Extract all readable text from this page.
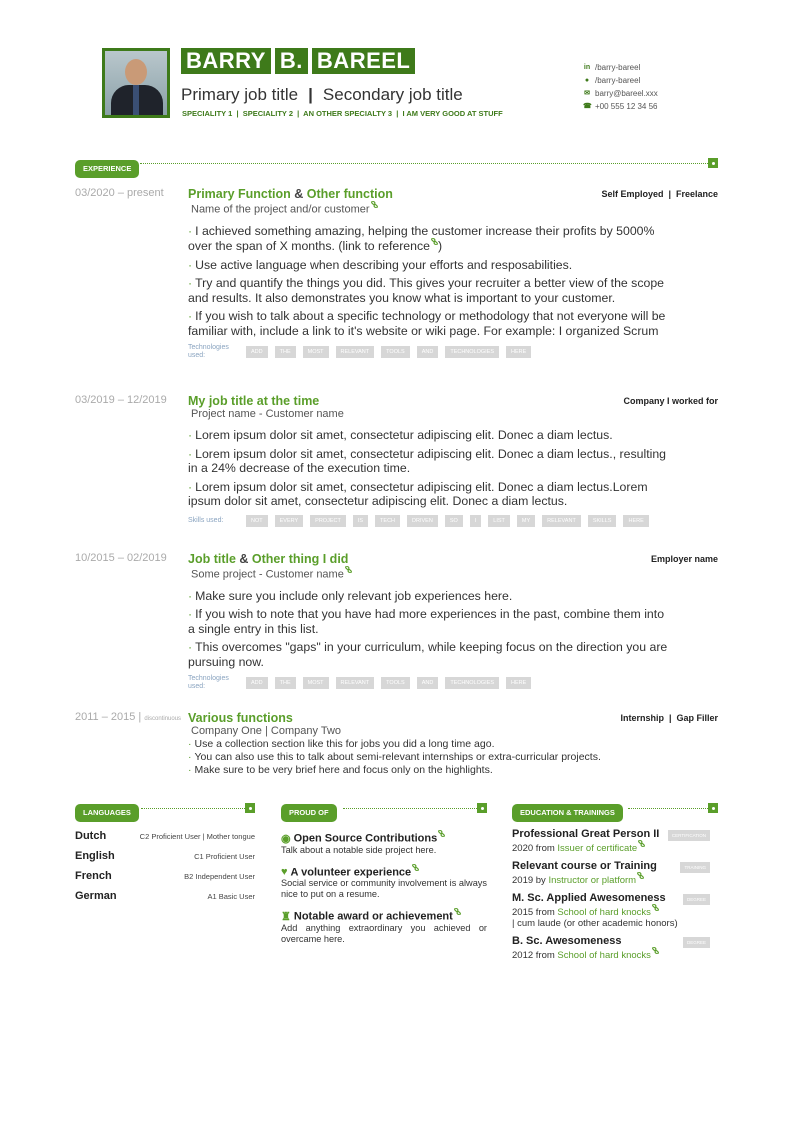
BARRY B. BAREEL
Primary job title | Secondary job title
SPECIALITY 1  |  SPECIALITY 2  |  AN OTHER SPECIALTY 3  |  I AM VERY GOOD AT STUFF
in /barry-bareel
● /barry-bareel
✉ barry@bareel.xxx
☎ +00 555 12 34 56
EXPERIENCE
03/2020 – present	Self Employed  |  Freelance
Primary Function & Other function
Name of the project and/or customer

· I achieved something amazing, helping the customer increase their profits by 5000% over the span of X months. (link to reference )

· Use active language when describing your efforts and resposabilities.

· Try and quantify the things you did. This gives your recruiter a better view of the scope and results. It also demonstrates you know what is important to your customer.

· If you wish to talk about a specific technology or methodology that not everyone will be familiar with, include a link to it's website or wiki page. For example: I organized Scrum

Technologies used:	ADD	THE	MOST	RELEVANT	TOOLS	AND	TECHNOLOGIES	HERE
03/2019 – 12/2019	Company I worked for
My job title at the time
Project name - Customer name

· Lorem ipsum dolor sit amet, consectetur adipiscing elit. Donec a diam lectus.

· Lorem ipsum dolor sit amet, consectetur adipiscing elit. Donec a diam lectus., resulting in a 24% decrease of the execution time.

· Lorem ipsum dolor sit amet, consectetur adipiscing elit. Donec a diam lectus.Lorem ipsum dolor sit amet, consectetur adipiscing elit. Donec a diam lectus.

Skills used:	NOT	EVERY	PROJECT	IS	TECH	DRIVEN	SO	I	LIST	MY	RELEVANT	SKILLS	HERE
10/2015 – 02/2019	Employer name
Job title & Other thing I did
Some project - Customer name

· Make sure you include only relevant job experiences here.

· If you wish to note that you have had more experiences in the past, combine them into a single entry in this list.

· This overcomes "gaps" in your curriculum, while keeping focus on the direction you are pursuing now.

Technologies used:	ADD	THE	MOST	RELEVANT	TOOLS	AND	TECHNOLOGIES	HERE
2011 – 2015 | discontinuous	Internship  |  Gap Filler
Various functions
Company One | Company Two

· Use a collection section like this for jobs you did a long time ago.

· You can also use this to talk about semi-relevant internships or extra-curricular projects.

· Make sure to be very brief here and focus only on the highlights.

LANGUAGES
Dutch	C2 Proficient User | Mother tongue
English	C1 Proficient User
French	B2 Independent User
German	A1 Basic User
PROUD OF
◉ Open Source Contributions
Talk about a notable side project here.
♥ A volunteer experience
Social service or community involvement is always nice to put on a resume.
♜ Notable award or achievement
Add anything extraordinary you achieved or overcame here.
EDUCATION & TRAININGS
Professional Great Person II
2020 from Issuer of certificate
CERTIFICATION
Relevant course or Training
2019 by Instructor or platform
TRAINING
M. Sc. Applied Awesomeness
2015 from School of hard knocks
| cum laude (or other academic honors)
DEGREE
B. Sc. Awesomeness
2012 from School of hard knocks
DEGREE
